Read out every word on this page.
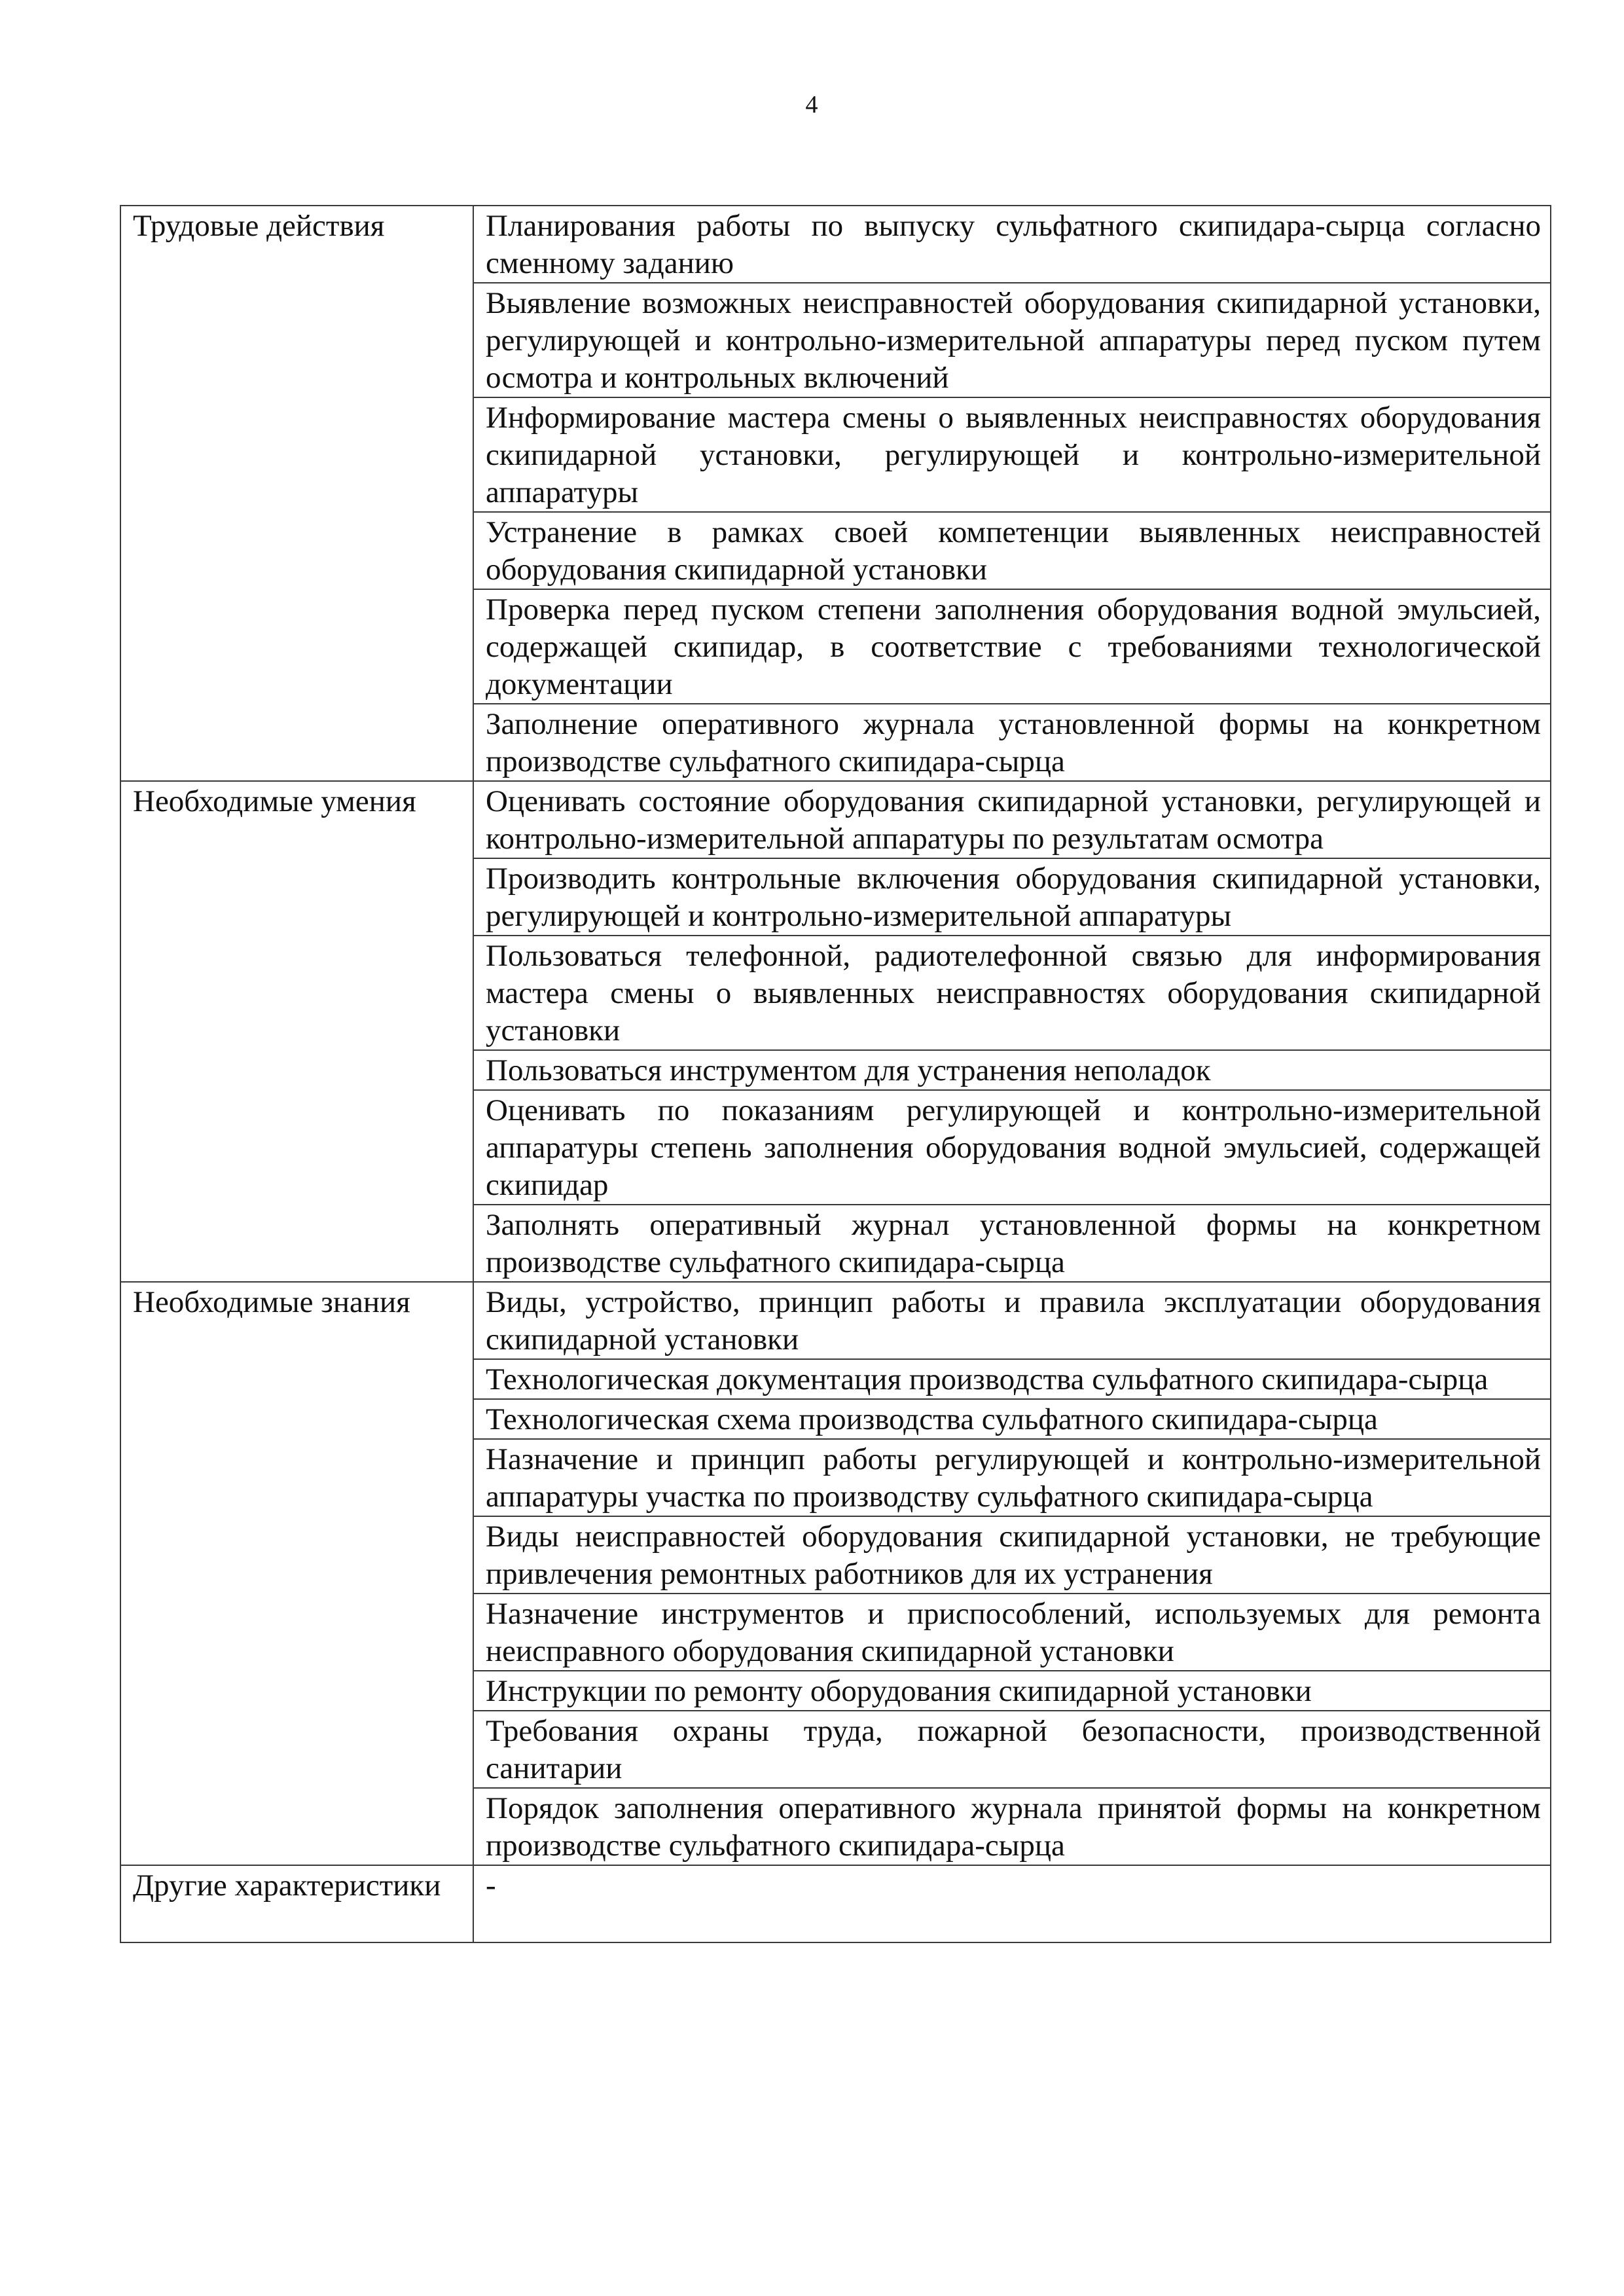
4
Трудовые действия	Планирования работы по выпуску сульфатного скипидара-сырца согласно сменному заданию
	Выявление возможных неисправностей оборудования скипидарной установки, регулирующей и контрольно-измерительной аппаратуры перед пуском путем осмотра и контрольных включений
	Информирование мастера смены о выявленных неисправностях оборудования скипидарной установки, регулирующей и контрольно-измерительной аппаратуры
	Устранение в рамках своей компетенции выявленных неисправностей оборудования скипидарной установки
	Проверка перед пуском степени заполнения оборудования водной эмульсией, содержащей скипидар, в соответствие с требованиями технологической документации
	Заполнение оперативного журнала установленной формы на конкретном производстве сульфатного скипидара-сырца
Необходимые умения	Оценивать состояние оборудования скипидарной установки, регулирующей и контрольно-измерительной аппаратуры по результатам осмотра
	Производить контрольные включения оборудования скипидарной установки, регулирующей и контрольно-измерительной аппаратуры
	Пользоваться телефонной, радиотелефонной связью для информирования мастера смены о выявленных неисправностях оборудования скипидарной установки
	Пользоваться инструментом для устранения неполадок
	Оценивать по показаниям регулирующей и контрольно-измерительной аппаратуры степень заполнения оборудования водной эмульсией, содержащей скипидар
	Заполнять оперативный журнал установленной формы на конкретном производстве сульфатного скипидара-сырца
Необходимые знания	Виды, устройство, принцип работы и правила эксплуатации оборудования скипидарной установки
	Технологическая документация производства сульфатного скипидара-сырца
	Технологическая схема производства сульфатного скипидара-сырца
	Назначение и принцип работы регулирующей и контрольно-измерительной аппаратуры участка по производству сульфатного скипидара-сырца
	Виды неисправностей оборудования скипидарной установки, не требующие привлечения ремонтных работников для их устранения
	Назначение инструментов и приспособлений, используемых для ремонта неисправного оборудования скипидарной установки
	Инструкции по ремонту оборудования скипидарной установки
	Требования охраны труда, пожарной безопасности, производственной санитарии
	Порядок заполнения оперативного журнала принятой формы на конкретном производстве сульфатного скипидара-сырца
Другие характеристики	-
